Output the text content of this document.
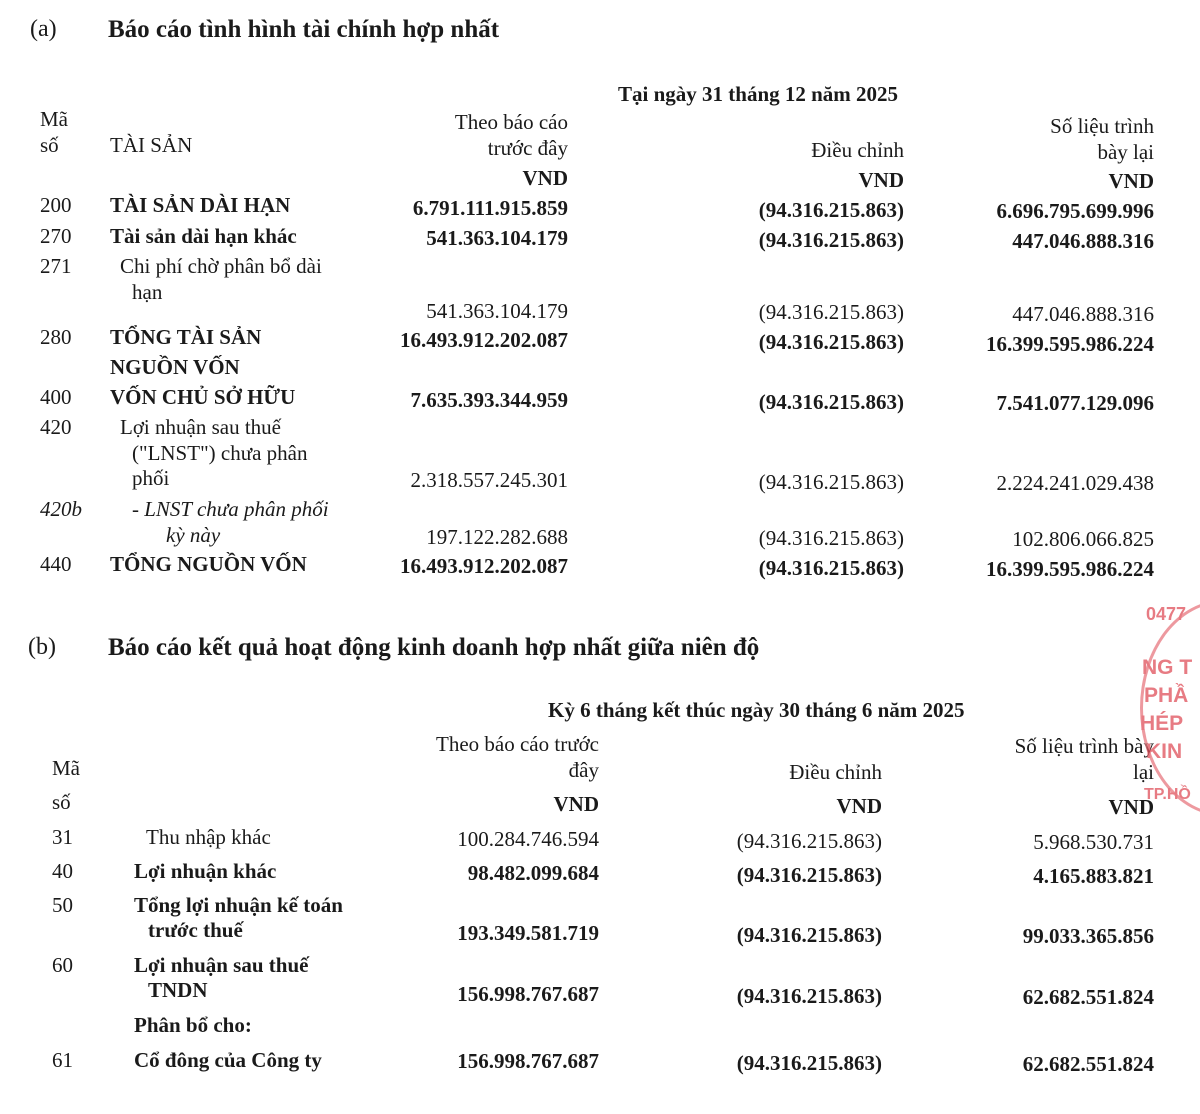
(a) Báo cáo tình hình tài chính hợp nhất
Tại ngày 31 tháng 12 năm 2025
Mã
số TÀI SẢN
Theo báo cáo
trước đây
VND
Điều chỉnh
VND
Số liệu trình
bày lại
VND
200 TÀI SẢN DÀI HẠN	6.791.111.915.859	(94.316.215.863)	6.696.795.699.996
270 Tài sản dài hạn khác	541.363.104.179	(94.316.215.863)	447.046.888.316
271 Chi phí chờ phân bổ dài
hạn
541.363.104.179	(94.316.215.863)	447.046.888.316
280 TỔNG TÀI SẢN	16.493.912.202.087	(94.316.215.863)	16.399.595.986.224
NGUỒN VỐN
400 VỐN CHỦ SỞ HỮU	7.635.393.344.959	(94.316.215.863)	7.541.077.129.096
420 Lợi nhuận sau thuế
("LNST") chưa phân
phối	2.318.557.245.301	(94.316.215.863)	2.224.241.029.438
420b - LNST chưa phân phối
kỳ này	197.122.282.688	(94.316.215.863)	102.806.066.825
440 TỔNG NGUỒN VỐN	16.493.912.202.087	(94.316.215.863)	16.399.595.986.224
(b) Báo cáo kết quả hoạt động kinh doanh hợp nhất giữa niên độ
Kỳ 6 tháng kết thúc ngày 30 tháng 6 năm 2025
Mã
số
Theo báo cáo trước
đây
VND
Điều chỉnh
VND
Số liệu trình bày
lại
VND
31	Thu nhập khác	100.284.746.594	(94.316.215.863)	5.968.530.731
40	Lợi nhuận khác	98.482.099.684	(94.316.215.863)	4.165.883.821
50	Tổng lợi nhuận kế toán
trước thuế	193.349.581.719	(94.316.215.863)	99.033.365.856
60	Lợi nhuận sau thuế
TNDN	156.998.767.687	(94.316.215.863)	62.682.551.824
Phân bổ cho:
61	Cổ đông của Công ty	156.998.767.687	(94.316.215.863)	62.682.551.824
0477
NG T
PHẦ
HÉP
KIN
TP.HỒ
